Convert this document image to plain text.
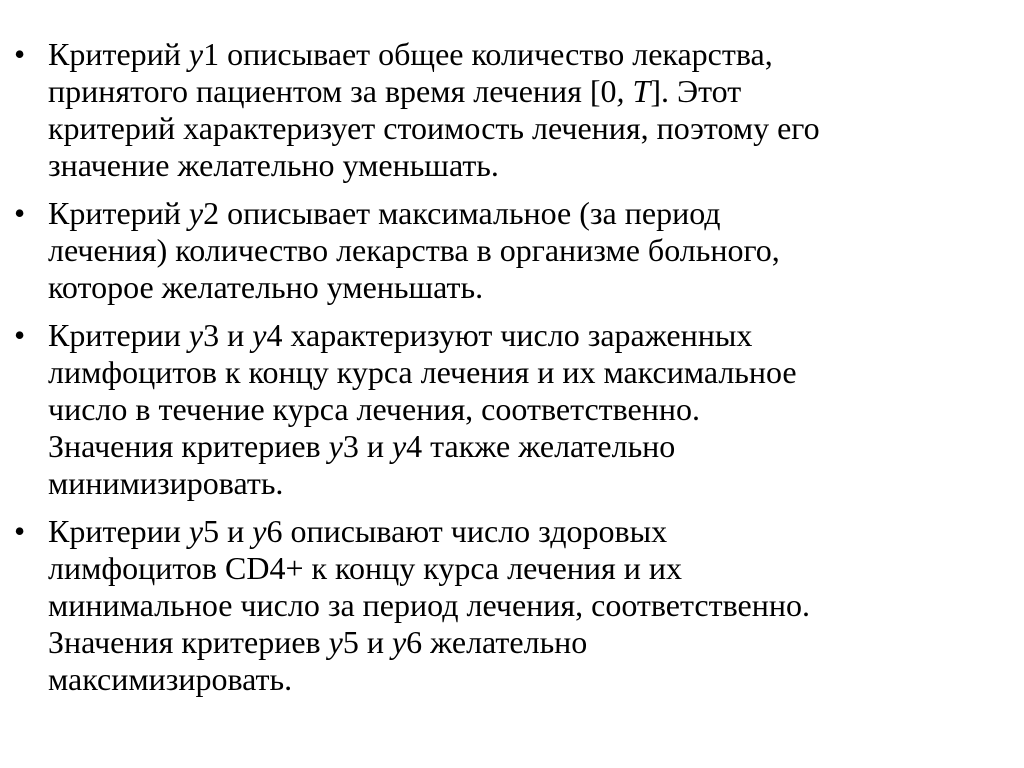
• Критерий y1 описывает общее количество лекарства,
принятого пациентом за время лечения [0, T]. Этот
критерий характеризует стоимость лечения, поэтому его
значение желательно уменьшать.
• Критерий y2 описывает максимальное (за период
лечения) количество лекарства в организме больного,
которое желательно уменьшать.
• Критерии y3 и y4 характеризуют число зараженных
лимфоцитов к концу курса лечения и их максимальное
число в течение курса лечения, соответственно.
Значения критериев y3 и y4 также желательно
минимизировать.
• Критерии y5 и y6 описывают число здоровых
лимфоцитов CD4+ к концу курса лечения и их
минимальное число за период лечения, соответственно.
Значения критериев y5 и y6 желательно
максимизировать.
